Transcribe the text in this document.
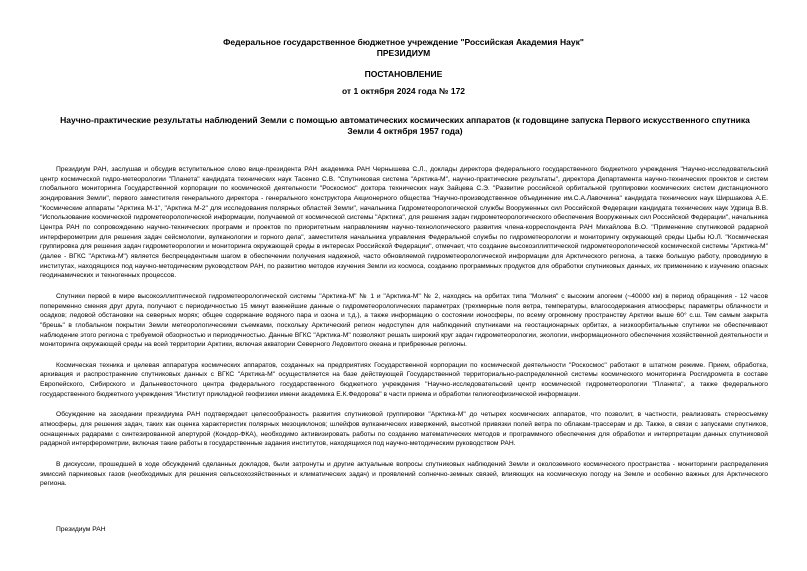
Федеральное государственное бюджетное учреждение "Российская Академия Наук"
ПРЕЗИДИУМ
ПОСТАНОВЛЕНИЕ
от 1 октября 2024 года № 172
Научно-практические результаты наблюдений Земли с помощью автоматических космических аппаратов (к годовщине запуска Первого искусственного спутника Земли 4 октября 1957 года)

Президиум РАН, заслушав и обсудив вступительное слово вице-президента РАН академика РАН Чернышева С.Л., доклады директора федерального государственного бюджетного учреждения "Научно-исследовательский центр космической гидро-метеорологии "Планета" кандидата технических наук Тасенко С.В. "Спутниковая система "Арктика-М", научно-практические результаты", директора Департамента научно-технических проектов и систем глобального мониторинга Государственной корпорации по космической деятельности "Роскосмос" доктора технических наук Зайцева С.Э. "Развитие российской орбитальной группировки космических систем дистанционного зондирования Земли", первого заместителя генерального директора - генерального конструктора Акционерного общества "Научно-производственное объединение им.С.А.Лавочкина" кандидата технических наук Ширшакова А.Е. "Космические аппараты "Арктика М-1", "Арктика М-2" для исследования полярных областей Земли", начальника Гидрометеорологической службы Вооруженных сил Российской Федерации кандидата технических наук Удрица В.В. "Использование космической гидрометеорологической информации, получаемой от космической системы "Арктика", для решения задач гидрометеорологического обеспечения Вооруженных сил Российской Федерации", начальника Центра РАН по сопровождению научно-технических программ и проектов по приоритетным направлениям научно-технологического развития члена-корреспондента РАН Михайлова В.О. "Применение спутниковой радарной интерферометрии для решения задач сейсмологии, вулканологии и горного дела", заместителя начальника управления Федеральной службы по гидрометеорологии и мониторингу окружающей среды Цыбы Ю.Л. "Космическая группировка для решения задач гидрометеорологии и мониторинга окружающей среды в интересах Российской Федерации", отмечает, что создание высокоэллиптической гидрометеорологической космической системы "Арктика-М" (далее - ВГКС "Арктика-М") является беспрецедентным шагом в обеспечении получения надежной, часто обновляемой гидрометеорологической информации для Арктического региона, а также большую работу, проводимую в институтах, находящихся под научно-методическим руководством РАН, по развитию методов изучения Земли из космоса, созданию программных продуктов для обработки спутниковых данных, их применению к изучению опасных геодинамических и техногенных процессов.

Спутники первой в мире высокоэллиптической гидрометеорологической системы "Арктика-М" № 1 и "Арктика-М" № 2, находясь на орбитах типа "Молния" с высоким апогеем (~40000 км) в период обращения - 12 часов попеременно сменяя друг друга, получают с периодичностью 15 минут важнейшие данные о гидрометеорологических параметрах (трехмерные поля ветра, температуры, влагосодержания атмосферы; параметры облачности и осадков; ледовой обстановки на северных морях; общее содержание водяного пара и озона и т.д.), а также информацию о состоянии ионосферы, по всему огромному пространству Арктики выше 60° с.ш. Тем самым закрыта "брешь" в глобальном покрытии Земли метеорологическими съемками, поскольку Арктический регион недоступен для наблюдений спутниками на геостационарных орбитах, а низкоорбитальные спутники не обеспечивают наблюдение этого региона с требуемой обзорностью и периодичностью. Данные ВГКС "Арктика-М" позволяют решать широкий круг задач гидрометеорологии, экологии, информационного обеспечения хозяйственной деятельности и мониторинга окружающей среды на всей территории Арктики, включая акватории Северного Ледовитого океана и прибрежные регионы.

Космическая техника и целевая аппаратура космических аппаратов, созданных на предприятиях Государственной корпорации по космической деятельности "Роскосмос" работают в штатном режиме. Прием, обработка, архивация и распространение спутниковых данных с ВГКС "Арктика-М" осуществляется на базе действующей Государственной территориально-распределенной системы космического мониторинга Росгидромета в составе Европейского, Сибирского и Дальневосточного центра федерального государственного бюджетного учреждения "Научно-исследовательский центр космической гидрометеорологии "Планета", а также федерального государственного бюджетного учреждения "Институт прикладной геофизики имени академика Е.К.Федорова" в части приема и обработки гелиогеофизической информации.

Обсуждение на заседании президиума РАН подтверждает целесообразность развития спутниковой группировки "Арктика-М" до четырех космических аппаратов, что позволит, в частности, реализовать стереосъемку атмосферы, для решения задач, таких как оценка характеристик полярных мезоциклонов; шлейфов вулканических извержений, высотной привязки полей ветра по облакам-трассерам и др. Также, в связи с запусками спутников, оснащенных радарами с синтезированной апертурой (Кондор-ФКА), необходимо активизировать работы по созданию математических методов и программного обеспечения для обработки и интерпретации данных спутниковой радарной интерферометрии, включая такие работы в государственные задания институтов, находящихся под научно-методическим руководством РАН.

В дискуссии, прошедшей в ходе обсуждений сделанных докладов, были затронуты и другие актуальные вопросы спутниковых наблюдений Земли и околоземного космического пространства - мониторинги распределения эмиссий парниковых газов (необходимых для решения сельскохозяйственных и климатических задач) и проявлений солнечно-земных связей, влияющих на космическую погоду на Земле и особенно важных для Арктического региона.

Президиум РАН
